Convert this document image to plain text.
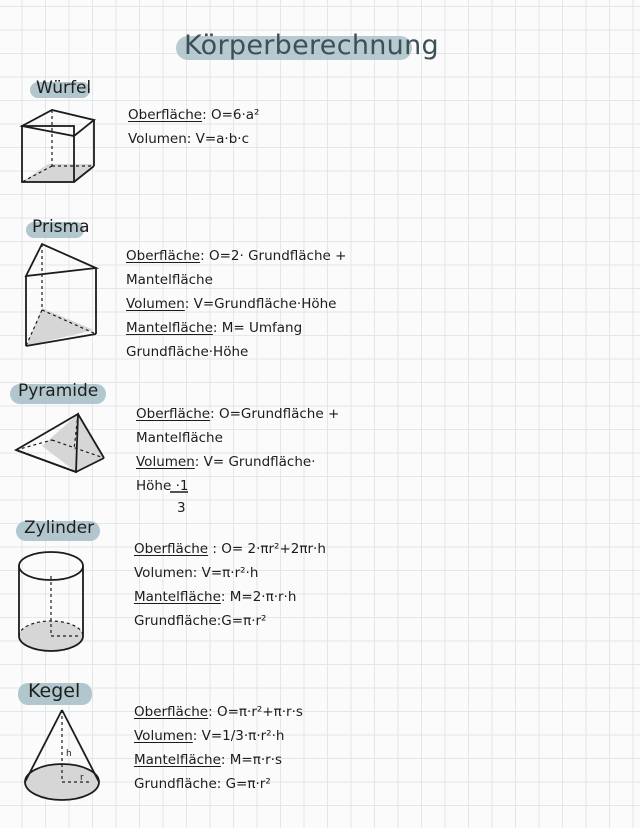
Körperberechnung
Würfel
Oberfläche: O=6·a²
Volumen: V=a·b·c
Prisma
Oberfläche: O=2· Grundfläche +
Mantelfläche
Volumen: V=Grundfläche·Höhe
Mantelfläche: M= Umfang
Grundfläche·Höhe
Pyramide
Oberfläche: O=Grundfläche +
Mantelfläche
Volumen: V= Grundfläche·
Höhe ·1
3
Zylinder
Oberfläche : O= 2·πr²+2πr·h
Volumen: V=π·r²·h
Mantelfläche: M=2·π·r·h
Grundfläche:G=π·r²
Kegel
h
r
Oberfläche: O=π·r²+π·r·s
Volumen: V=1/3·π·r²·h
Mantelfläche: M=π·r·s
Grundfläche: G=π·r²
